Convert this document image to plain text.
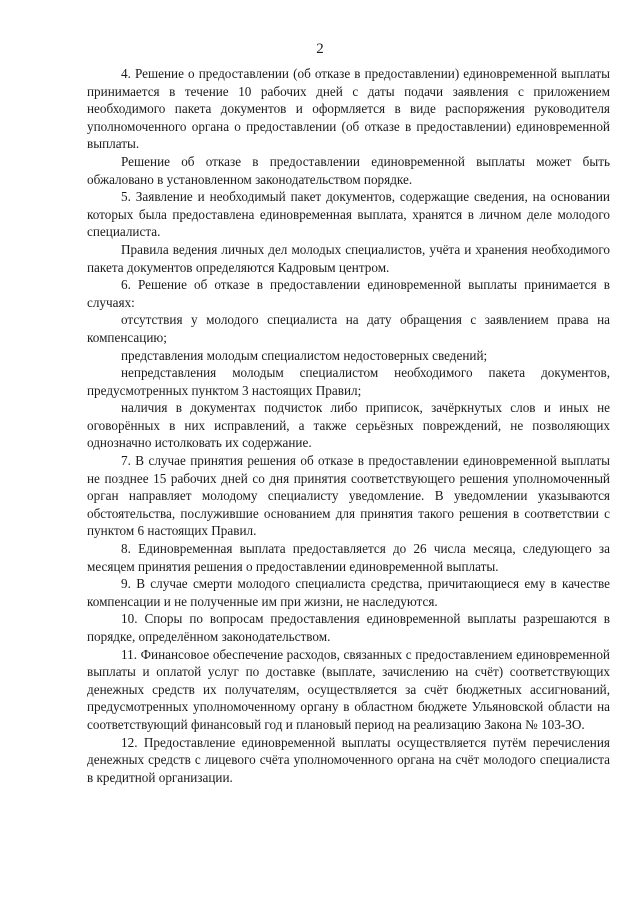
2

4. Решение о предоставлении (об отказе в предоставлении) единовременной выплаты принимается в течение 10 рабочих дней с даты подачи заявления с приложением необходимого пакета документов и оформляется в виде распоряжения руководителя уполномоченного органа о предоставлении (об отказе в предоставлении) единовременной выплаты.

Решение об отказе в предоставлении единовременной выплаты может быть обжаловано в установленном законодательством порядке.

5. Заявление и необходимый пакет документов, содержащие сведения, на основании которых была предоставлена единовременная выплата, хранятся в личном деле молодого специалиста.

Правила ведения личных дел молодых специалистов, учёта и хранения необходимого пакета документов определяются Кадровым центром.

6. Решение об отказе в предоставлении единовременной выплаты принимается в случаях:

отсутствия у молодого специалиста на дату обращения с заявлением права на компенсацию;

представления молодым специалистом недостоверных сведений;

непредставления молодым специалистом необходимого пакета документов, предусмотренных пунктом 3 настоящих Правил;

наличия в документах подчисток либо приписок, зачёркнутых слов и иных не оговорённых в них исправлений, а также серьёзных повреждений, не позволяющих однозначно истолковать их содержание.

7. В случае принятия решения об отказе в предоставлении единовременной выплаты не позднее 15 рабочих дней со дня принятия соответствующего решения уполномоченный орган направляет молодому специалисту уведомление. В уведомлении указываются обстоятельства, послужившие основанием для принятия такого решения в соответствии с пунктом 6 настоящих Правил.

8. Единовременная выплата предоставляется до 26 числа месяца, следующего за месяцем принятия решения о предоставлении единовременной выплаты.

9. В случае смерти молодого специалиста средства, причитающиеся ему в качестве компенсации и не полученные им при жизни, не наследуются.

10. Споры по вопросам предоставления единовременной выплаты разрешаются в порядке, определённом законодательством.

11. Финансовое обеспечение расходов, связанных с предоставлением единовременной выплаты и оплатой услуг по доставке (выплате, зачислению на счёт) соответствующих денежных средств их получателям, осуществляется за счёт бюджетных ассигнований, предусмотренных уполномоченному органу в областном бюджете Ульяновской области на соответствующий финансовый год и плановый период на реализацию Закона № 103-ЗО.

12. Предоставление единовременной выплаты осуществляется путём перечисления денежных средств с лицевого счёта уполномоченного органа на счёт молодого специалиста в кредитной организации.
